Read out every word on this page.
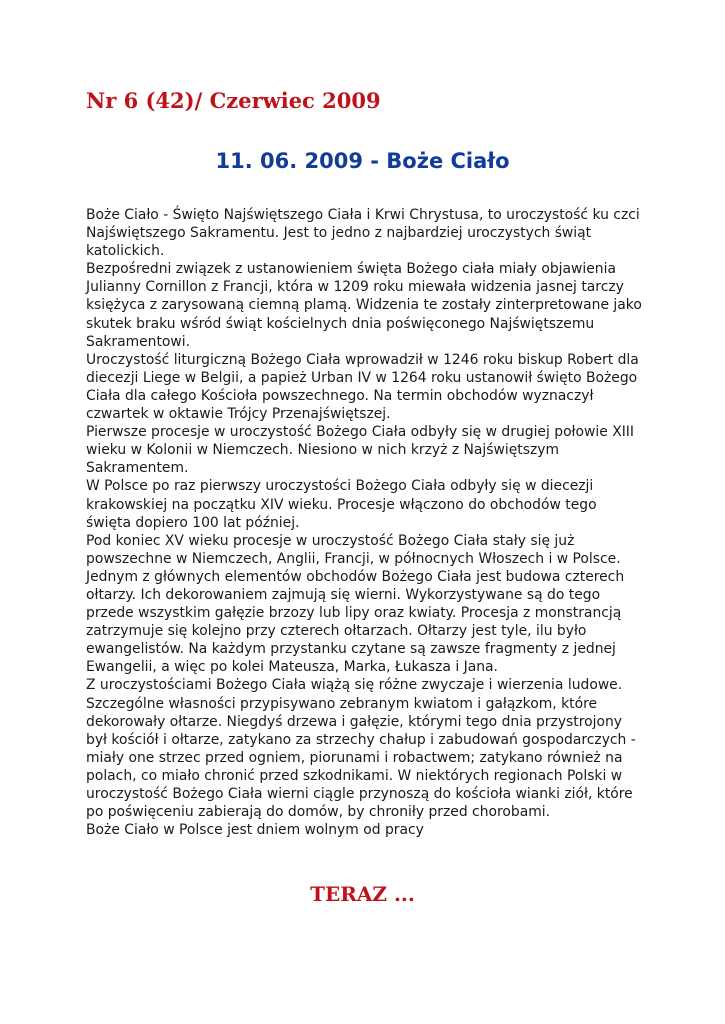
Nr 6 (42)/ Czerwiec 2009
11. 06. 2009 - Boże Ciało
Boże Ciało - Święto Najświętszego Ciała i Krwi Chrystusa, to uroczystość ku czci Najświętszego Sakramentu. Jest to jedno z najbardziej uroczystych świąt katolickich.
Bezpośredni związek z ustanowieniem święta Bożego ciała miały objawienia Julianny Cornillon z Francji, która w 1209 roku miewała widzenia jasnej tarczy księżyca z zarysowaną ciemną plamą. Widzenia te zostały zinterpretowane jako skutek braku wśród świąt kościelnych dnia poświęconego Najświętszemu Sakramentowi.
Uroczystość liturgiczną Bożego Ciała wprowadził w 1246 roku biskup Robert dla diecezji Liege w Belgii, a papież Urban IV w 1264 roku ustanowił święto Bożego Ciała dla całego Kościoła powszechnego. Na termin obchodów wyznaczył czwartek w oktawie Trójcy Przenajświętszej.
Pierwsze procesje w uroczystość Bożego Ciała odbyły się w drugiej połowie XIII wieku w Kolonii w Niemczech. Niesiono w nich krzyż z Najświętszym Sakramentem.
W Polsce po raz pierwszy uroczystości Bożego Ciała odbyły się w diecezji krakowskiej na początku XIV wieku. Procesje włączono do obchodów tego święta dopiero 100 lat później.
Pod koniec XV wieku procesje w uroczystość Bożego Ciała stały się już powszechne w Niemczech, Anglii, Francji, w północnych Włoszech i w Polsce. Jednym z głównych elementów obchodów Bożego Ciała jest budowa czterech ołtarzy. Ich dekorowaniem zajmują się wierni. Wykorzystywane są do tego przede wszystkim gałęzie brzozy lub lipy oraz kwiaty. Procesja z monstrancją zatrzymuje się kolejno przy czterech ołtarzach. Ołtarzy jest tyle, ilu było ewangelistów. Na każdym przystanku czytane są zawsze fragmenty z jednej Ewangelii, a więc po kolei Mateusza, Marka, Łukasza i Jana.
Z uroczystościami Bożego Ciała wiążą się różne zwyczaje i wierzenia ludowe. Szczególne własności przypisywano zebranym kwiatom i gałązkom, które dekorowały ołtarze. Niegdyś drzewa i gałęzie, którymi tego dnia przystrojony był kościół i ołtarze, zatykano za strzechy chałup i zabudowań gospodarczych - miały one strzec przed ogniem, piorunami i robactwem; zatykano również na polach, co miało chronić przed szkodnikami. W niektórych regionach Polski w uroczystość Bożego Ciała wierni ciągle przynoszą do kościoła wianki ziół, które po poświęceniu zabierają do domów, by chroniły przed chorobami.
Boże Ciało w Polsce jest dniem wolnym od pracy

TERAZ ...
